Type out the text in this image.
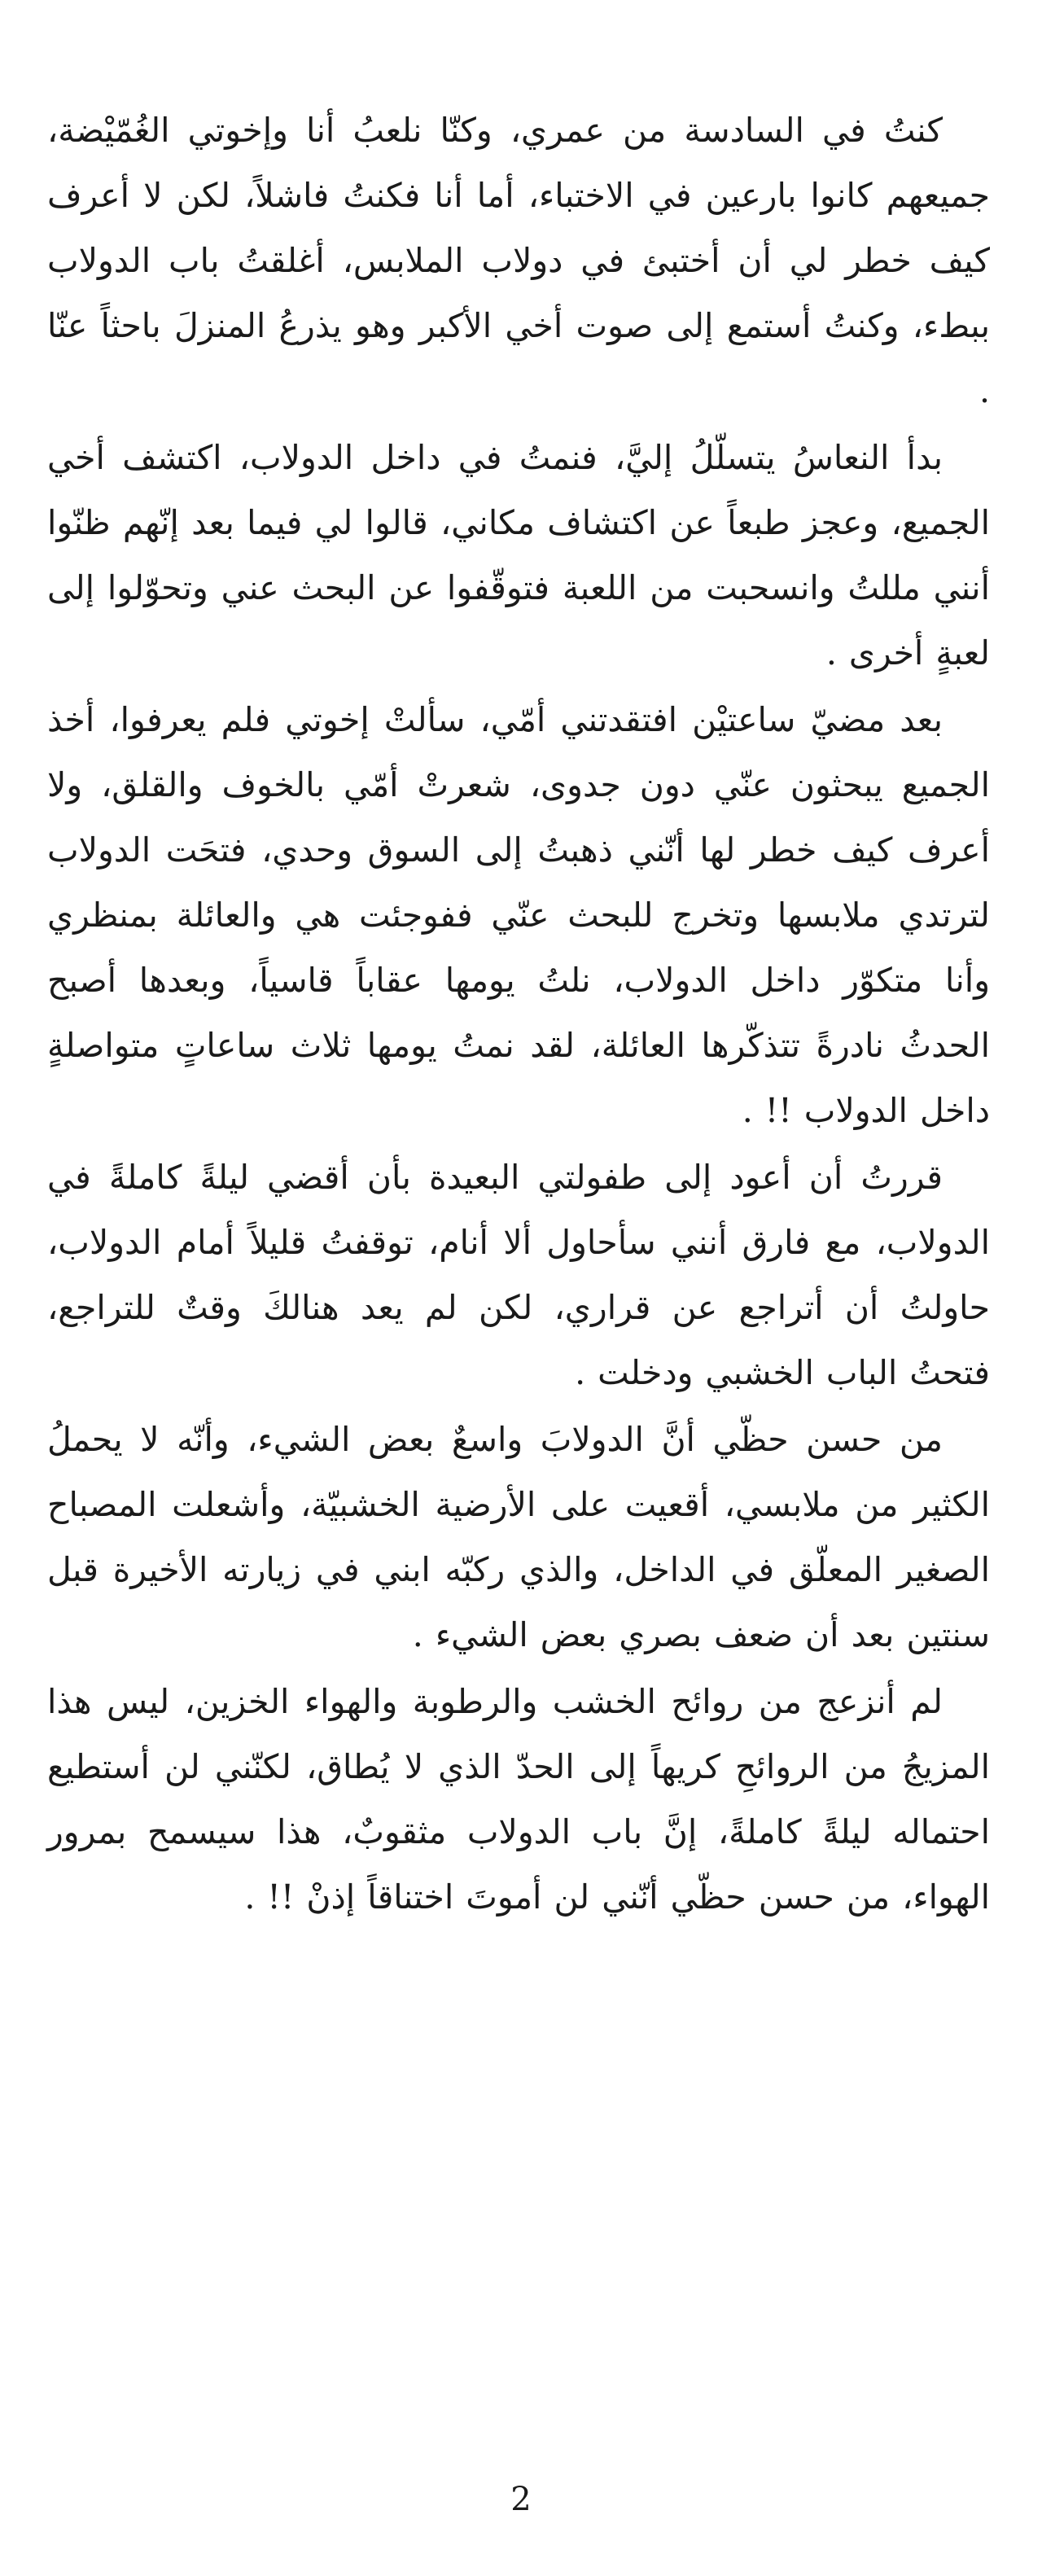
كنتُ في السادسة من عمري، وكنّا نلعبُ أنا وإخوتي الغُمّيْضة، جميعهم كانوا بارعين في الاختباء، أما أنا فكنتُ فاشلاً، لكن لا أعرف كيف خطر لي أن أختبئ في دولاب الملابس، أغلقتُ باب الدولاب ببطء، وكنتُ أستمع إلى صوت أخي الأكبر وهو يذرعُ المنزلَ باحثاً عنّا .

بدأ النعاسُ يتسلّلُ إليَّ، فنمتُ في داخل الدولاب، اكتشف أخي الجميع، وعجز طبعاً عن اكتشاف مكاني، قالوا لي فيما بعد إنّهم ظنّوا أنني مللتُ وانسحبت من اللعبة فتوقّفوا عن البحث عني وتحوّلوا إلى لعبةٍ أخرى .

بعد مضيّ ساعتيْن افتقدتني أمّي، سألتْ إخوتي فلم يعرفوا، أخذ الجميع يبحثون عنّي دون جدوى، شعرتْ أمّي بالخوف والقلق، ولا أعرف كيف خطر لها أنّني ذهبتُ إلى السوق وحدي، فتحَت الدولاب لترتدي ملابسها وتخرج للبحث عنّي ففوجئت هي والعائلة بمنظري وأنا متكوّر داخل الدولاب، نلتُ يومها عقاباً قاسياً، وبعدها أصبح الحدثُ نادرةً تتذكّرها العائلة، لقد نمتُ يومها ثلاث ساعاتٍ متواصلةٍ داخل الدولاب !! .

قررتُ أن أعود إلى طفولتي البعيدة بأن أقضي ليلةً كاملةً في الدولاب، مع فارق أنني سأحاول ألا أنام، توقفتُ قليلاً أمام الدولاب، حاولتُ أن أتراجع عن قراري، لكن لم يعد هنالكَ وقتٌ للتراجع، فتحتُ الباب الخشبي ودخلت .

من حسن حظّي أنَّ الدولابَ واسعٌ بعض الشيء، وأنّه لا يحملُ الكثير من ملابسي، أقعيت على الأرضية الخشبيّة، وأشعلت المصباح الصغير المعلّق في الداخل، والذي ركبّه ابني في زيارته الأخيرة قبل سنتين بعد أن ضعف بصري بعض الشيء .

لم أنزعج من روائح الخشب والرطوبة والهواء الخزين، ليس هذا المزيجُ من الروائحِ كريهاً إلى الحدّ الذي لا يُطاق، لكنّني لن أستطيع احتماله ليلةً كاملةً، إنَّ باب الدولاب مثقوبٌ، هذا سيسمح بمرور الهواء، من حسن حظّي أنّني لن أموتَ اختناقاً إذنْ !! .

2
